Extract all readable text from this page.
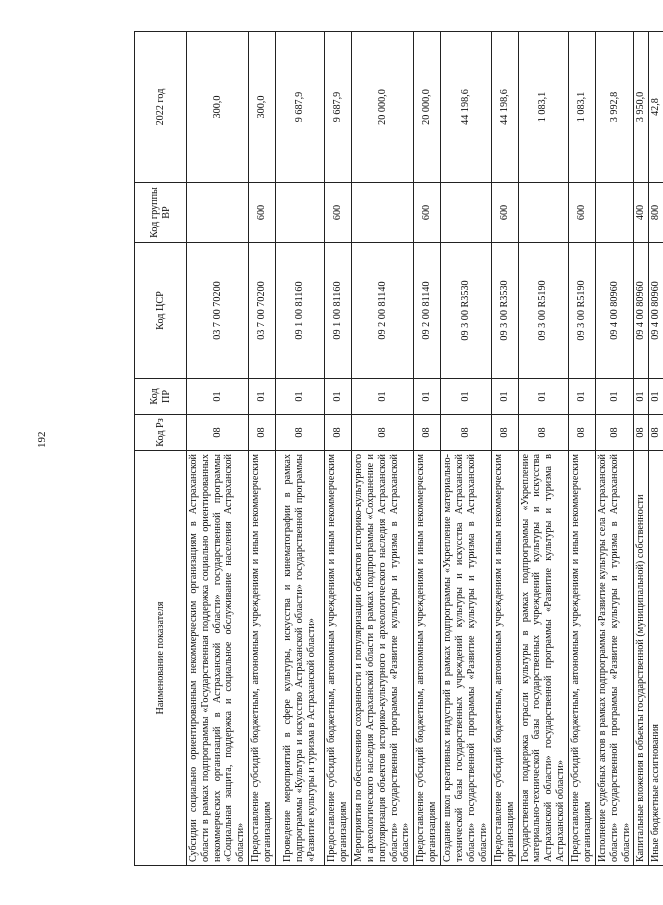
192
Наименование показателя	Код Рз	Код ПР	Код ЦСР	Код группы ВР	2022 год
Субсидии социально ориентированным некоммерческим организациям в Астраханской области в рамках подпрограммы «Государственная поддержка социально ориентированных некоммерческих организаций в Астраханской области» государственной программы «Социальная защита, поддержка и социальное обслуживание населения Астраханской области»	08	01	03 7 00 70200		300,0
Предоставление субсидий бюджетным, автономным учреждениям и иным некоммерческим организациям	08	01	03 7 00 70200	600	300,0
Проведение мероприятий в сфере культуры, искусства и кинематографии в рамках подпрограммы «Культура и искусство Астраханской области» государственной программы «Развитие культуры и туризма в Астраханской области»	08	01	09 1 00 81160		9 687,9
Предоставление субсидий бюджетным, автономным учреждениям и иным некоммерческим организациям	08	01	09 1 00 81160	600	9 687,9
Мероприятия по обеспечению сохранности и популяризации объектов историко-культурного и археологического наследия Астраханской области в рамках подпрограммы «Сохранение и популяризация объектов историко-культурного и археологического наследия Астраханской области» государственной программы «Развитие культуры и туризма в Астраханской области»	08	01	09 2 00 81140		20 000,0
Предоставление субсидий бюджетным, автономным учреждениям и иным некоммерческим организациям	08	01	09 2 00 81140	600	20 000,0
Создание школ креативных индустрий в рамках подпрограммы «Укрепление материально-технической базы государственных учреждений культуры и искусства Астраханской области» государственной программы «Развитие культуры и туризма в Астраханской области»	08	01	09 3 00 R3530		44 198,6
Предоставление субсидий бюджетным, автономным учреждениям и иным некоммерческим организациям	08	01	09 3 00 R3530	600	44 198,6
Государственная поддержка отрасли культуры в рамках подпрограммы «Укрепление материально-технической базы государственных учреждений культуры и искусства Астраханской области» государственной программы «Развитие культуры и туризма в Астраханской области»	08	01	09 3 00 R5190		1 083,1
Предоставление субсидий бюджетным, автономным учреждениям и иным некоммерческим организациям	08	01	09 3 00 R5190	600	1 083,1
Исполнение судебных актов в рамках подпрограммы «Развитие культуры села Астраханской области» государственной программы «Развитие культуры и туризма в Астраханской области»	08	01	09 4 00 80960		3 992,8
Капитальные вложения в объекты государственной (муниципальной) собственности	08	01	09 4 00 80960	400	3 950,0
Иные бюджетные ассигнования	08	01	09 4 00 80960	800	42,8
